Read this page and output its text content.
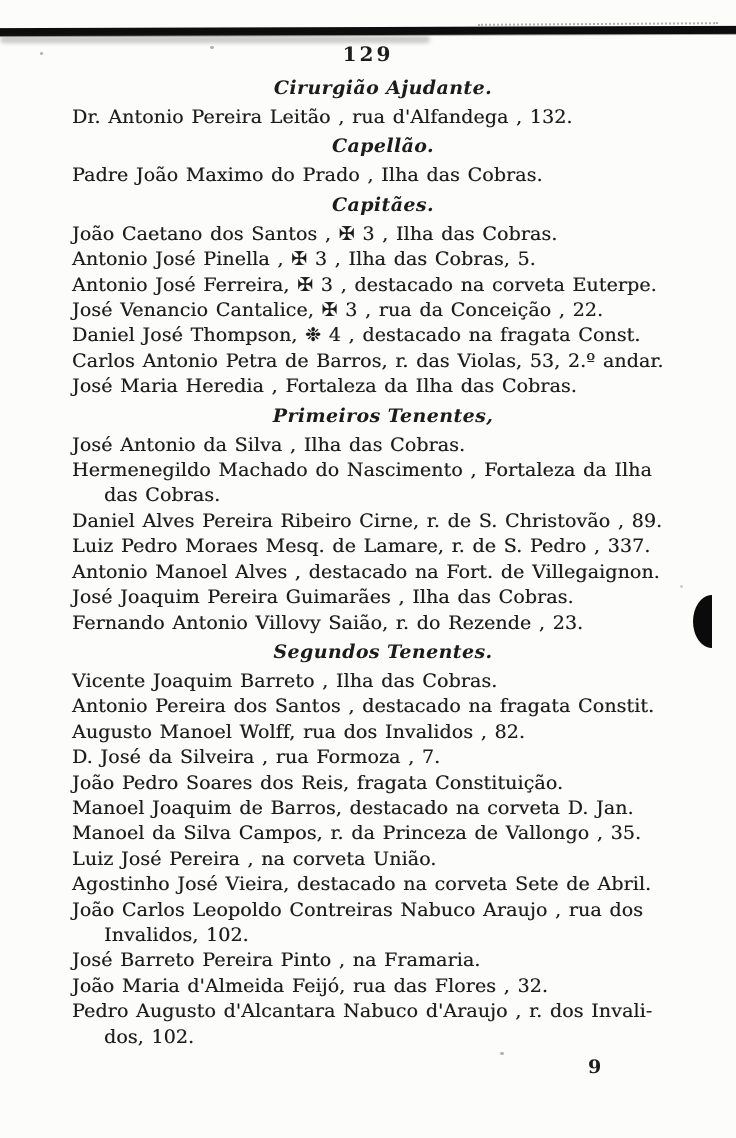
129
Cirurgião Ajudante.

Dr. Antonio Pereira Leitão , rua d'Alfandega , 132.

Capellão.

Padre João Maximo do Prado , Ilha das Cobras.

Capitães.

João Caetano dos Santos , ✠ 3 , Ilha das Cobras.

Antonio José Pinella , ✠ 3 , Ilha das Cobras, 5.

Antonio José Ferreira, ✠ 3 , destacado na corveta Euterpe.

José Venancio Cantalice, ✠ 3 , rua da Conceição , 22.

Daniel José Thompson, ❉ 4 , destacado na fragata Const.

Carlos Antonio Petra de Barros, r. das Violas, 53, 2.º andar.

José Maria Heredia , Fortaleza da Ilha das Cobras.

Primeiros Tenentes,

José Antonio da Silva , Ilha das Cobras.

Hermenegildo Machado do Nascimento , Fortaleza da Ilha

das Cobras.

Daniel Alves Pereira Ribeiro Cirne, r. de S. Christovão , 89.

Luiz Pedro Moraes Mesq. de Lamare, r. de S. Pedro , 337.

Antonio Manoel Alves , destacado na Fort. de Villegaignon.

José Joaquim Pereira Guimarães , Ilha das Cobras.

Fernando Antonio Villovy Saião, r. do Rezende , 23.

Segundos Tenentes.

Vicente Joaquim Barreto , Ilha das Cobras.

Antonio Pereira dos Santos , destacado na fragata Constit.

Augusto Manoel Wolff, rua dos Invalidos , 82.

D. José da Silveira , rua Formoza , 7.

João Pedro Soares dos Reis, fragata Constituição.

Manoel Joaquim de Barros, destacado na corveta D. Jan.

Manoel da Silva Campos, r. da Princeza de Vallongo , 35.

Luiz José Pereira , na corveta União.

Agostinho José Vieira, destacado na corveta Sete de Abril.

João Carlos Leopoldo Contreiras Nabuco Araujo , rua dos

Invalidos, 102.

José Barreto Pereira Pinto , na Framaria.

João Maria d'Almeida Feijó, rua das Flores , 32.

Pedro Augusto d'Alcantara Nabuco d'Araujo , r. dos Invali-

dos, 102.

9
